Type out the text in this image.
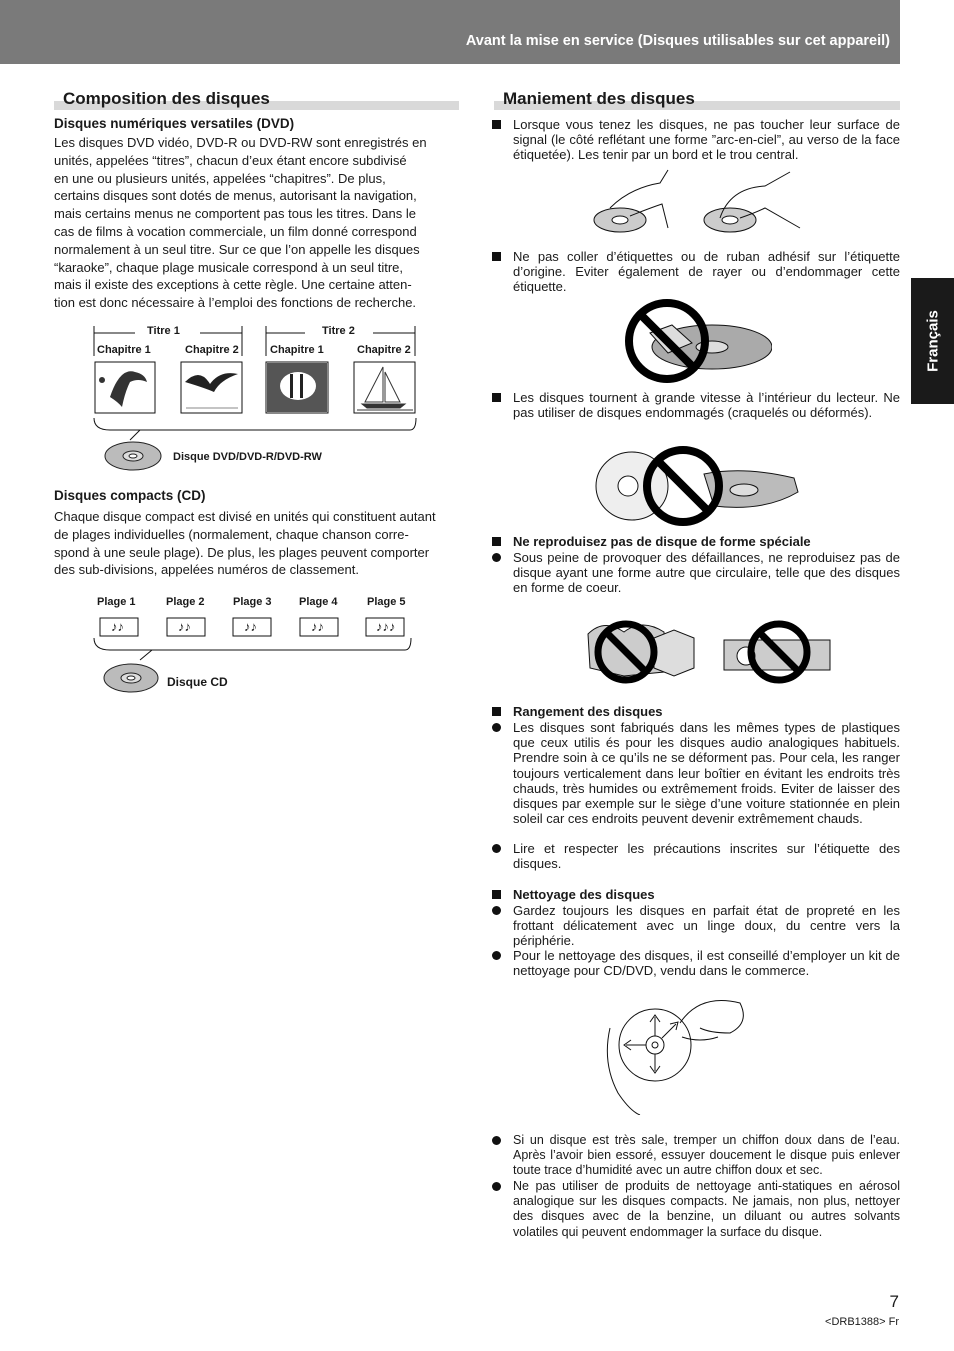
Avant la mise en service (Disques utilisables sur cet appareil)
Français
Composition des disques
Disques numériques versatiles (DVD)
Les disques DVD vidéo, DVD-R ou DVD-RW sont enregistrés en
unités, appelées “titres”, chacun d’eux étant encore subdivisé
en une ou plusieurs unités, appelées “chapitres”. De plus,
certains disques sont dotés de menus, autorisant la navigation,
mais certains menus ne comportent pas tous les titres. Dans le
cas de films à vocation commerciale, un film donné correspond
normalement à un seul titre. Sur ce que l’on appelle les disques
“karaoke”, chaque plage musicale correspond à un seul titre,
mais il existe des exceptions à cette règle. Une certaine atten-
tion est donc nécessaire à l’emploi des fonctions de recherche.
Titre 1	Titre 2
Chapitre 1	Chapitre 2	Chapitre 1	Chapitre 2
Disque DVD/DVD-R/DVD-RW
Disques compacts (CD)
Chaque disque compact est divisé en unités qui constituent autant
de plages individuelles (normalement, chaque chanson corre-
spond à une seule plage). De plus, les plages peuvent comporter
des sub-divisions, appelées numéros de classement.
Plage 1	Plage 2	Plage 3 Plage 4	Plage 5
♪♪	♪♪	♪♪	♪♪	♪♪♪
Disque CD
Maniement des disques
Lorsque vous tenez les disques, ne pas toucher leur surface de signal (le côté reflétant une forme ”arc-en-ciel”, au verso de la face étiquetée). Les tenir par un bord et le trou central.
Ne pas coller d’étiquettes ou de ruban adhésif sur l’étiquette d’origine. Eviter également de rayer ou d’endommager cette étiquette.
Les disques tournent à grande vitesse à l’intérieur du lecteur. Ne pas utiliser de disques endommagés (craquelés ou déformés).
Ne reproduisez pas de disque de forme spéciale
Sous peine de provoquer des défaillances, ne reproduisez pas de disque ayant une forme autre que circulaire, telle que des disques en forme de coeur.
Rangement des disques
Les disques sont fabriqués dans les mêmes types de plastiques que ceux utilis és pour les disques audio analogiques habituels. Prendre soin à ce qu’ils ne se déforment pas. Pour cela, les ranger toujours verticalement dans leur boîtier en évitant les endroits très chauds, très humides ou extrêmement froids. Eviter de laisser des disques par exemple sur le siège d’une voiture stationnée en plein soleil car ces endroits peuvent devenir extrêmement chauds.
Lire et respecter les précautions inscrites sur l’étiquette des disques.
Nettoyage des disques
Gardez toujours les disques en parfait état de propreté en les frottant délicatement avec un linge doux, du centre vers la périphérie.
Pour le nettoyage des disques, il est conseillé d’employer un kit de nettoyage pour CD/DVD, vendu dans le commerce.
Si un disque est très sale, tremper un chiffon doux dans de l’eau. Après l’avoir bien essoré, essuyer doucement le disque puis enlever toute trace d’humidité avec un autre chiffon doux et sec.
Ne pas utiliser de produits de nettoyage anti-statiques en aérosol analogique sur les disques compacts. Ne jamais, non plus, nettoyer des disques avec de la benzine, un diluant ou autres solvants volatiles qui peuvent endommager la surface du disque.
7
<DRB1388> Fr
